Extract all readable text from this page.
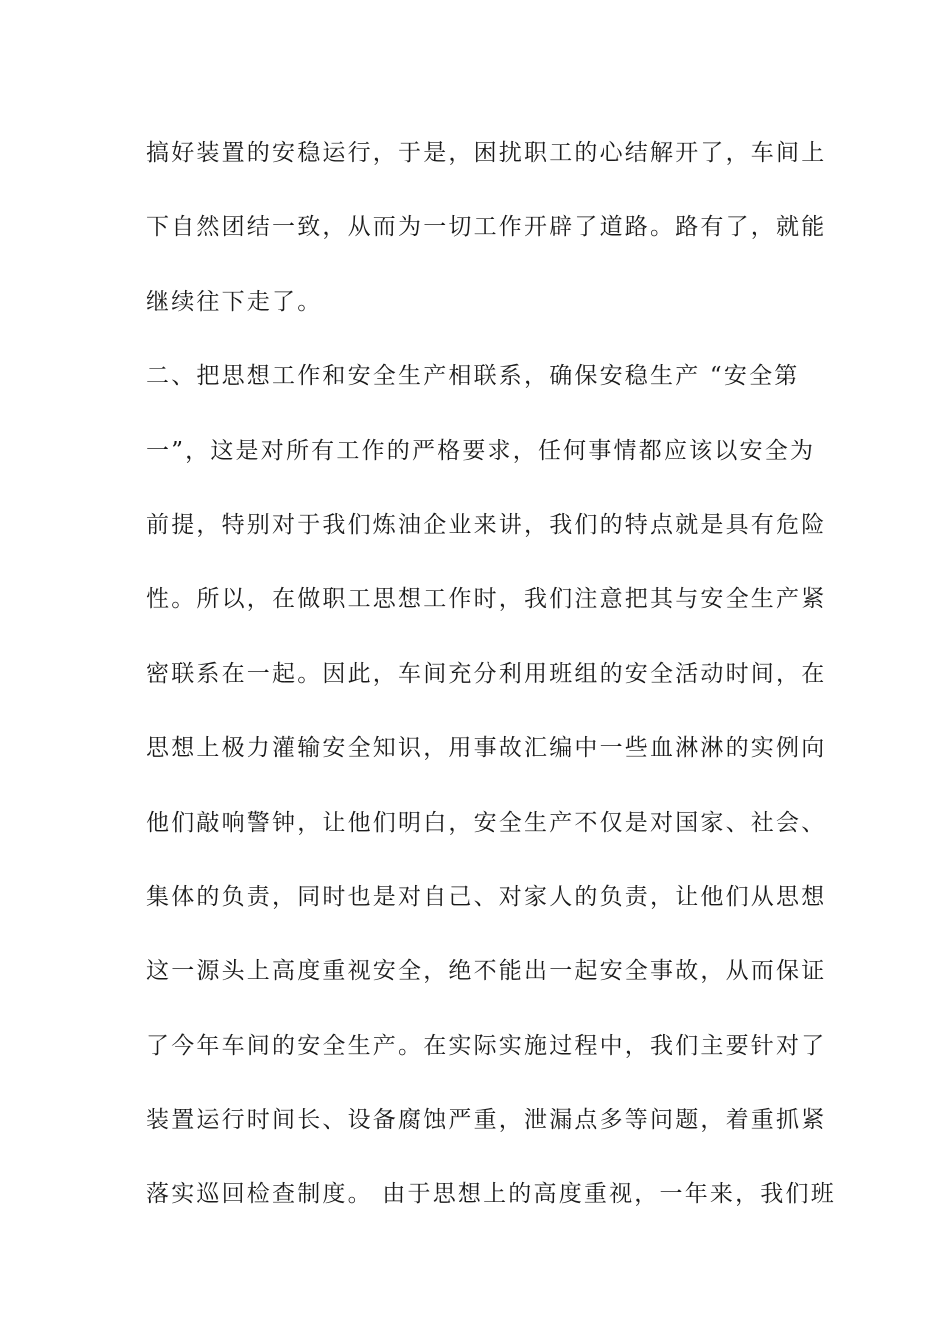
搞好装置的安稳运行，于是，困扰职工的心结解开了，车间上
下自然团结一致，从而为一切工作开辟了道路。路有了，就能
继续往下走了。
二、把思想工作和安全生产相联系，确保安稳生产 “安全第
一”，这是对所有工作的严格要求，任何事情都应该以安全为
前提，特别对于我们炼油企业来讲，我们的特点就是具有危险
性。所以，在做职工思想工作时，我们注意把其与安全生产紧
密联系在一起。因此，车间充分利用班组的安全活动时间，在
思想上极力灌输安全知识，用事故汇编中一些血淋淋的实例向
他们敲响警钟，让他们明白，安全生产不仅是对国家、社会、
集体的负责，同时也是对自己、对家人的负责，让他们从思想
这一源头上高度重视安全，绝不能出一起安全事故，从而保证
了今年车间的安全生产。在实际实施过程中，我们主要针对了
装置运行时间长、设备腐蚀严重，泄漏点多等问题，着重抓紧
落实巡回检查制度。 由于思想上的高度重视，一年来，我们班
